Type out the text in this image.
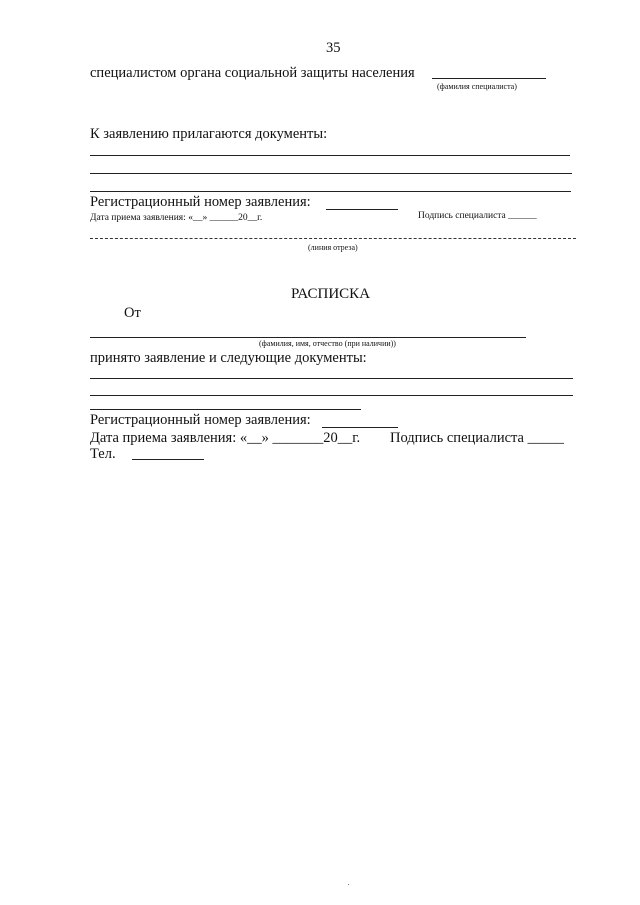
35
специалистом органа социальной защиты населения
(фамилия специалиста)
К заявлению прилагаются документы:
Регистрационный номер заявления:
Дата приема заявления: «__» ______20__г.	Подпись специалиста ______
(линия отреза)
РАСПИСКА
От
(фамилия, имя, отчество (при наличии))
принято заявление и следующие документы:
Регистрационный номер заявления:
Дата приема заявления: «__» _______20__г. Подпись специалиста _____
Тел.
